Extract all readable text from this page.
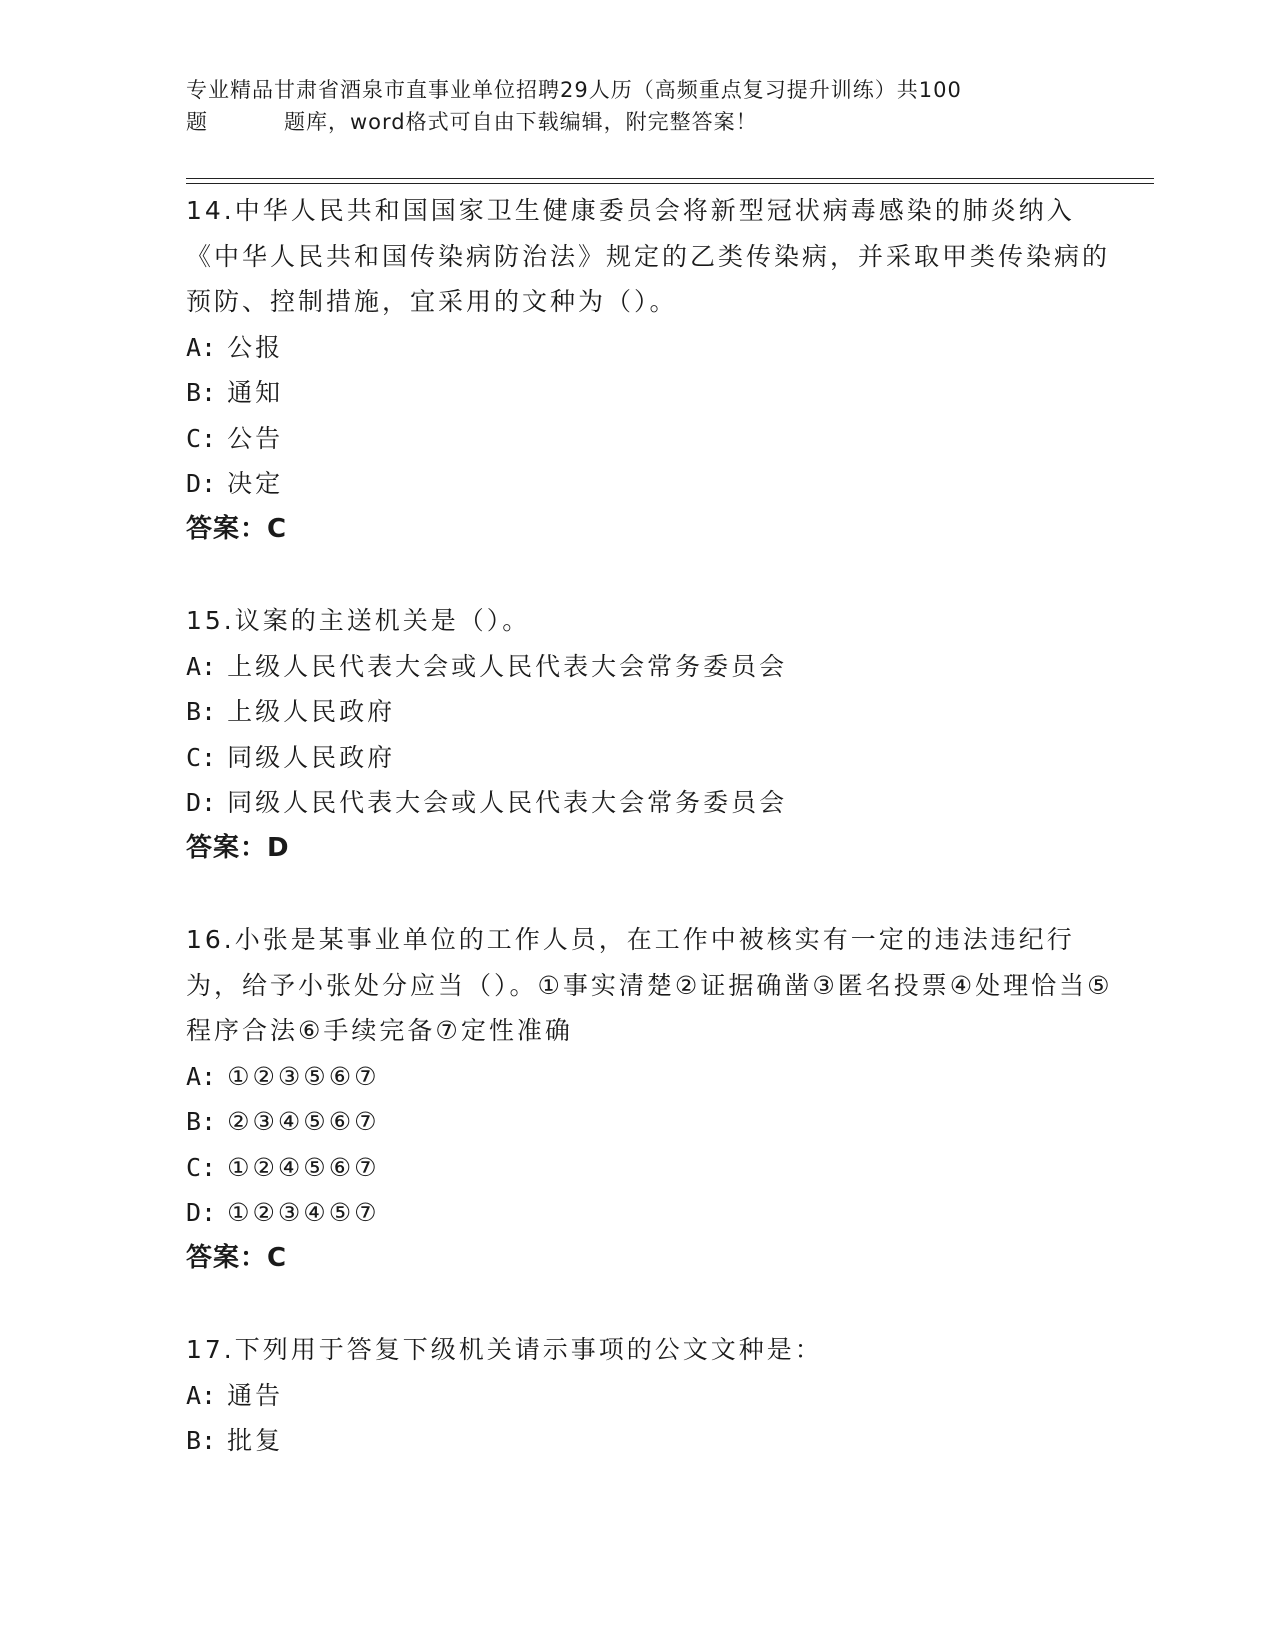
专业精品甘肃省酒泉市直事业单位招聘29人历（高频重点复习提升训练）共100
题	题库，word格式可自由下载编辑，附完整答案！
14.中华人民共和国国家卫生健康委员会将新型冠状病毒感染的肺炎纳入《中华人民共和国传染病防治法》规定的乙类传染病，并采取甲类传染病的预防、控制措施，宜采用的文种为（）。
A: 公报
B: 通知
C: 公告
D: 决定
答案：C
15.议案的主送机关是（）。
A: 上级人民代表大会或人民代表大会常务委员会
B: 上级人民政府
C: 同级人民政府
D: 同级人民代表大会或人民代表大会常务委员会
答案：D
16.小张是某事业单位的工作人员，在工作中被核实有一定的违法违纪行为，给予小张处分应当（）。①事实清楚②证据确凿③匿名投票④处理恰当⑤程序合法⑥手续完备⑦定性准确
A: ①②③⑤⑥⑦
B: ②③④⑤⑥⑦
C: ①②④⑤⑥⑦
D: ①②③④⑤⑦
答案：C
17.下列用于答复下级机关请示事项的公文文种是：
A: 通告
B: 批复
